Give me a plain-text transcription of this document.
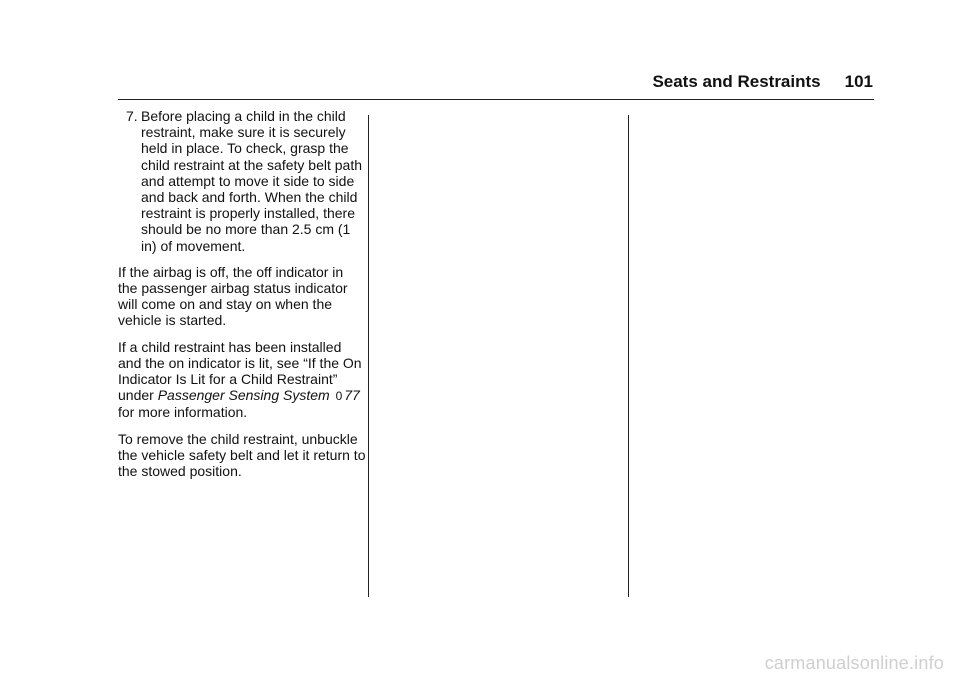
Seats and Restraints 101
7. Before placing a child in the child restraint, make sure it is securely held in place. To check, grasp the child restraint at the safety belt path and attempt to move it side to side and back and forth. When the child restraint is properly installed, there should be no more than 2.5 cm (1 in) of movement.

If the airbag is off, the off indicator in the passenger airbag status indicator will come on and stay on when the vehicle is started.

If a child restraint has been installed and the on indicator is lit, see “If the On Indicator Is Lit for a Child Restraint” under Passenger Sensing System 0 77 for more information.

To remove the child restraint, unbuckle the vehicle safety belt and let it return to the stowed position.

carmanualsonline.info
